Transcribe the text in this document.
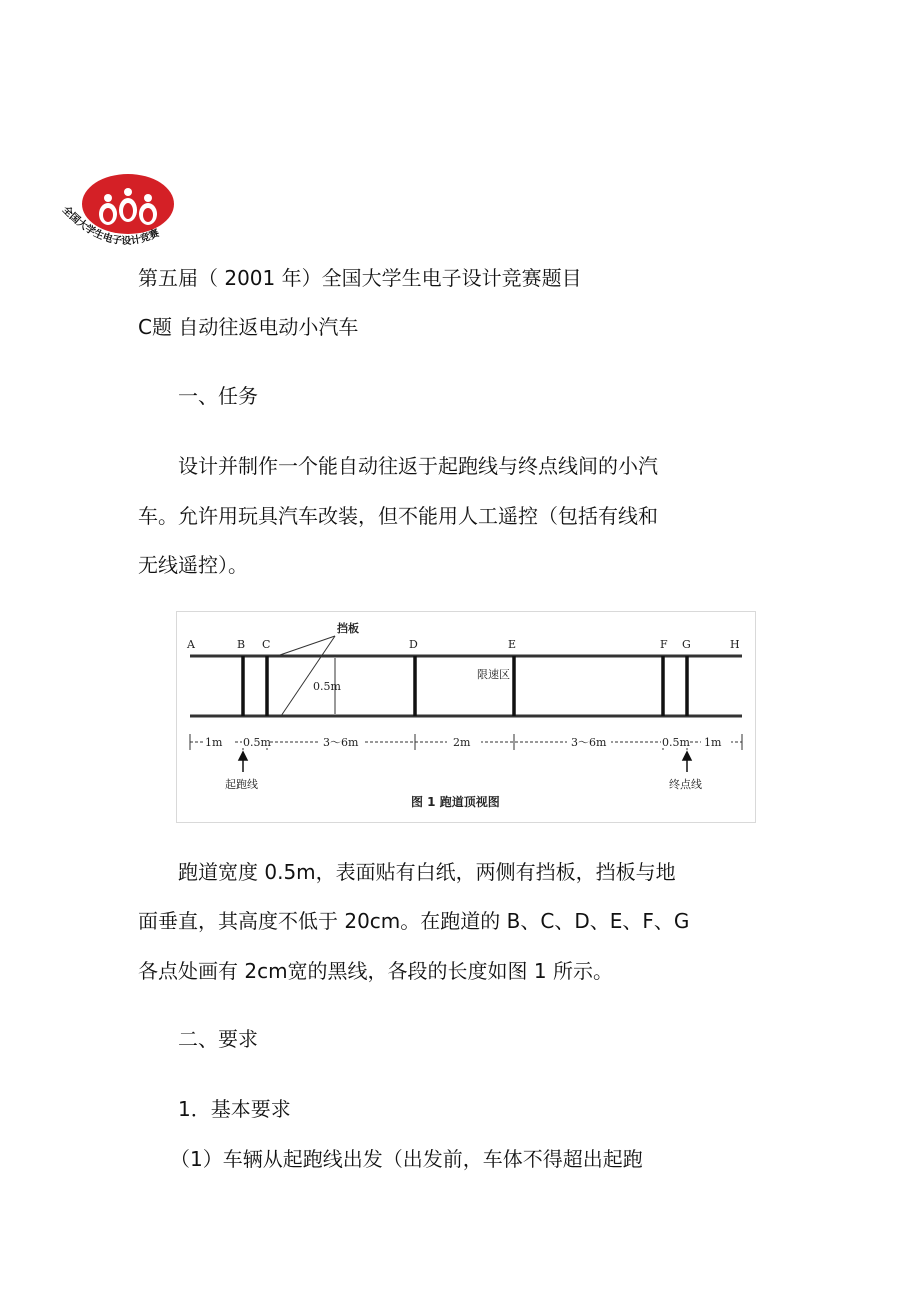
全国大学生电子设计竞赛
第五届（ 2001 年）全国大学生电子设计竞赛题目
C题 自动往返电动小汽车
一、任务
设计并制作一个能自动往返于起跑线与终点线间的小汽
车。允许用玩具汽车改装，但不能用人工遥控（包括有线和
无线遥控）。
A	B C	D	E	F G	H
挡板
0.5m
限速区
1m 0.5m	3～6m	2m	3～6m	0.5m 1m
起跑线	终点线
图 1 跑道顶视图
跑道宽度 0.5m，表面贴有白纸，两侧有挡板，挡板与地
面垂直，其高度不低于 20cm。在跑道的 B、C、D、E、F、G
各点处画有 2cm宽的黑线，各段的长度如图 1 所示。
二、要求
1．基本要求
（1）车辆从起跑线出发（出发前，车体不得超出起跑
